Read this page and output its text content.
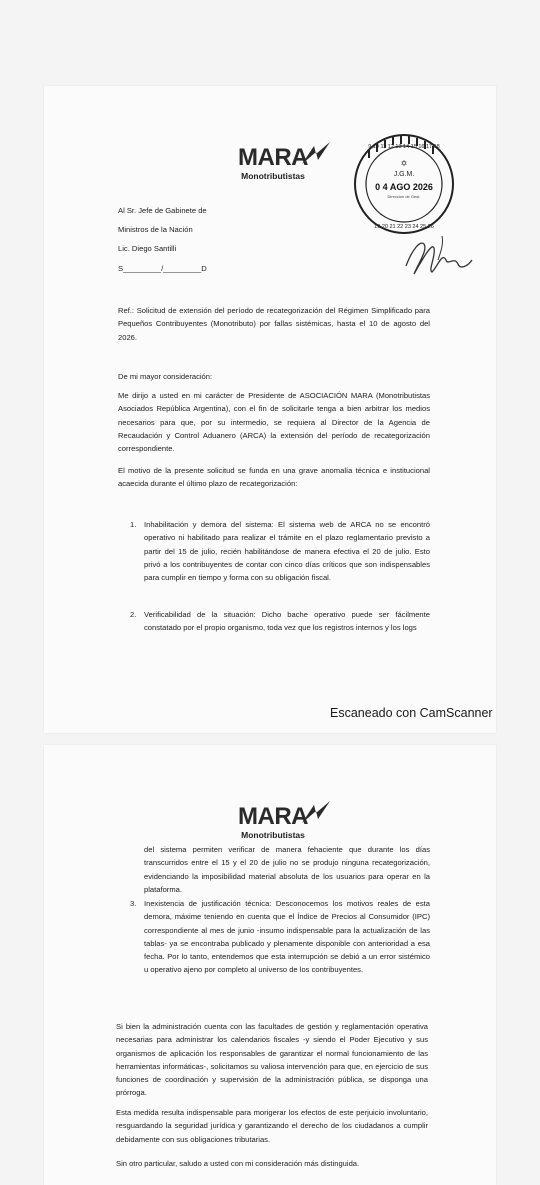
MARA
Monotributistas
Al Sr. Jefe de Gabinete de
Ministros de la Nación
Lic. Diego Santilli
S_________/_________D
Ref.: Solicitud de extensión del período de recategorización del Régimen Simplificado para Pequeños Contribuyentes (Monotributo) por fallas sistémicas, hasta el 10 de agosto del 2026.
De mi mayor consideración:
Me dirijo a usted en mi carácter de Presidente de ASOCIACIÓN MARA (Monotributistas Asociados República Argentina), con el fin de solicitarle tenga a bien arbitrar los medios necesarios para que, por su intermedio, se requiera al Director de la Agencia de Recaudación y Control Aduanero (ARCA) la extensión del período de recategorización correspondiente.
El motivo de la presente solicitud se funda en una grave anomalía técnica e institucional acaecida durante el último plazo de recategorización:
1. Inhabilitación y demora del sistema: El sistema web de ARCA no se encontró operativo ni habilitado para realizar el trámite en el plazo reglamentario previsto a partir del 15 de julio, recién habilitándose de manera efectiva el 20 de julio. Esto privó a los contribuyentes de contar con cinco días críticos que son indispensables para cumplir en tiempo y forma con su obligación fiscal.
2. Verificabilidad de la situación: Dicho bache operativo puede ser fácilmente constatado por el propio organismo, toda vez que los registros internos y los logs
9 10 11 12 13 14 15 16 17 18
19 20 21 22 23 24 25 26
✡
J.G.M.
0 4 AGO 2026
Dirección de Gest.
Escaneado con CamScanner
MARA
Monotributistas
del sistema permiten verificar de manera fehaciente que durante los días transcurridos entre el 15 y el 20 de julio no se produjo ninguna recategorización, evidenciando la imposibilidad material absoluta de los usuarios para operar en la plataforma.
3. Inexistencia de justificación técnica: Desconocemos los motivos reales de esta demora, máxime teniendo en cuenta que el Índice de Precios al Consumidor (IPC) correspondiente al mes de junio -insumo indispensable para la actualización de las tablas- ya se encontraba publicado y plenamente disponible con anterioridad a esa fecha. Por lo tanto, entendemos que esta interrupción se debió a un error sistémico u operativo ajeno por completo al universo de los contribuyentes.
Si bien la administración cuenta con las facultades de gestión y reglamentación operativa necesarias para administrar los calendarios fiscales -y siendo el Poder Ejecutivo y sus organismos de aplicación los responsables de garantizar el normal funcionamiento de las herramientas informáticas-, solicitamos su valiosa intervención para que, en ejercicio de sus funciones de coordinación y supervisión de la administración pública, se disponga una prórroga.
Esta medida resulta indispensable para morigerar los efectos de este perjuicio involuntario, resguardando la seguridad jurídica y garantizando el derecho de los ciudadanos a cumplir debidamente con sus obligaciones tributarias.
Sin otro particular, saludo a usted con mi consideración más distinguida.
